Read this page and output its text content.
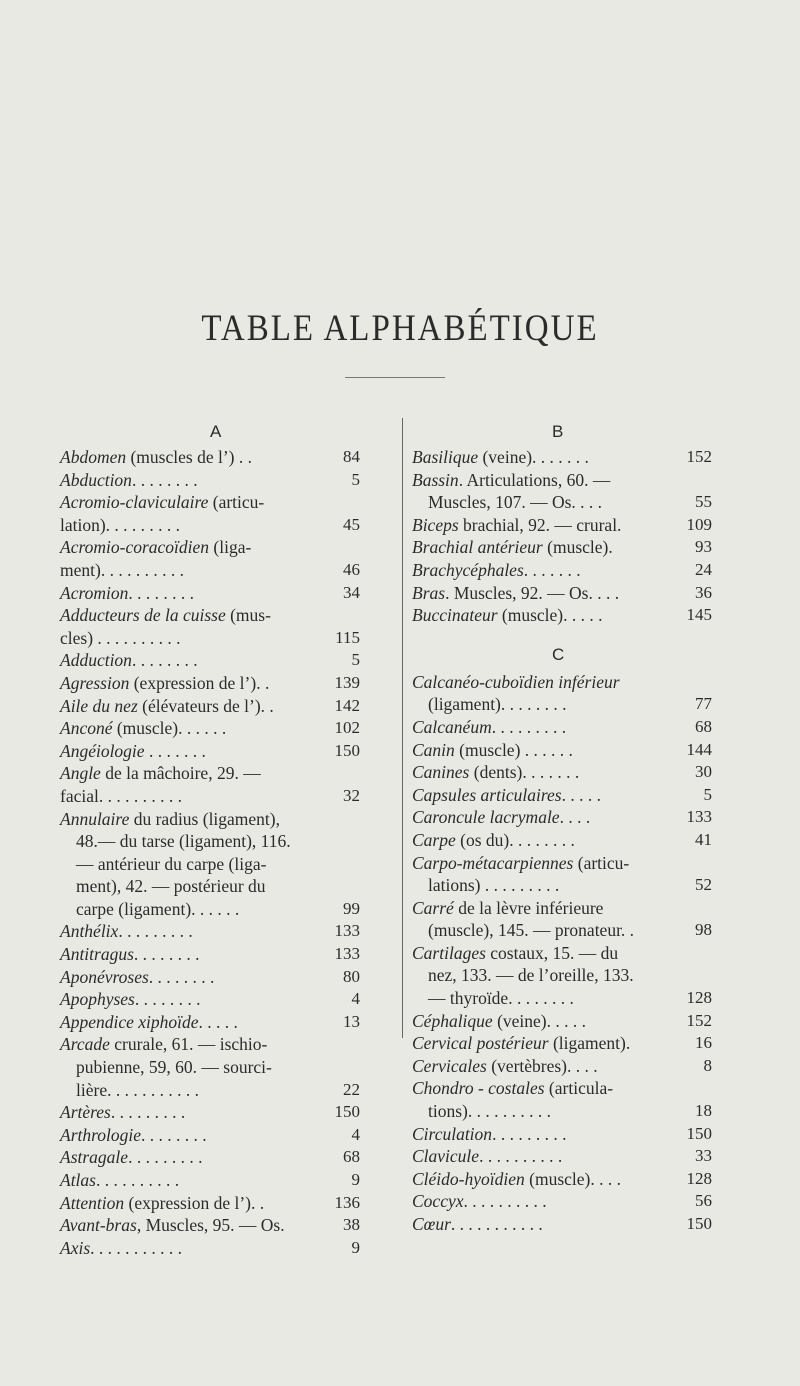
TABLE ALPHABÉTIQUE
A
Abdomen (muscles de l’) . .	84
Abduction. . . . . . . .	5
Acromio-claviculaire (articu-
lation). . . . . . . . .	45
Acromio-coracoïdien (liga-
ment). . . . . . . . . .	46
Acromion. . . . . . . .	34
Adducteurs de la cuisse (mus-
cles) . . . . . . . . . .	115
Adduction. . . . . . . .	5
Agression (expression de l’). .	139
Aile du nez (élévateurs de l’). .	142
Anconé (muscle). . . . . .	102
Angéiologie . . . . . . .	150
Angle de la mâchoire, 29. —
facial. . . . . . . . . .	32
Annulaire du radius (ligament),
48.— du tarse (ligament), 116.
— antérieur du carpe (liga-
ment), 42. — postérieur du
carpe (ligament). . . . . .	99
Anthélix. . . . . . . . .	133
Antitragus. . . . . . . .	133
Aponévroses. . . . . . . .	80
Apophyses. . . . . . . .	4
Appendice xiphoïde. . . . .	13
Arcade crurale, 61. — ischio-
pubienne, 59, 60. — sourci-
lière. . . . . . . . . . .	22
Artères. . . . . . . . .	150
Arthrologie. . . . . . . .	4
Astragale. . . . . . . . .	68
Atlas. . . . . . . . . .	9
Attention (expression de l’). .	136
Avant-bras, Muscles, 95. — Os.	38
Axis. . . . . . . . . . .	9
B
Basilique (veine). . . . . . .	152
Bassin. Articulations, 60. —
Muscles, 107. — Os. . . .	55
Biceps brachial, 92. — crural.	109
Brachial antérieur (muscle).	93
Brachycéphales. . . . . . .	24
Bras. Muscles, 92. — Os. . . .	36
Buccinateur (muscle). . . . .	145
C
Calcanéo-cuboïdien inférieur
(ligament). . . . . . . .	77
Calcanéum. . . . . . . . .	68
Canin (muscle) . . . . . .	144
Canines (dents). . . . . . .	30
Capsules articulaires. . . . .	5
Caroncule lacrymale. . . .	133
Carpe (os du). . . . . . . .	41
Carpo-métacarpiennes (articu-
lations) . . . . . . . . .	52
Carré de la lèvre inférieure
(muscle), 145. — pronateur. .	98
Cartilages costaux, 15. — du
nez, 133. — de l’oreille, 133.
— thyroïde. . . . . . . .	128
Céphalique (veine). . . . .	152
Cervical postérieur (ligament).	16
Cervicales (vertèbres). . . .	8
Chondro - costales (articula-
tions). . . . . . . . . .	18
Circulation. . . . . . . . .	150
Clavicule. . . . . . . . . .	33
Cléido-hyoïdien (muscle). . . .	128
Coccyx. . . . . . . . . .	56
Cœur. . . . . . . . . . .	150
